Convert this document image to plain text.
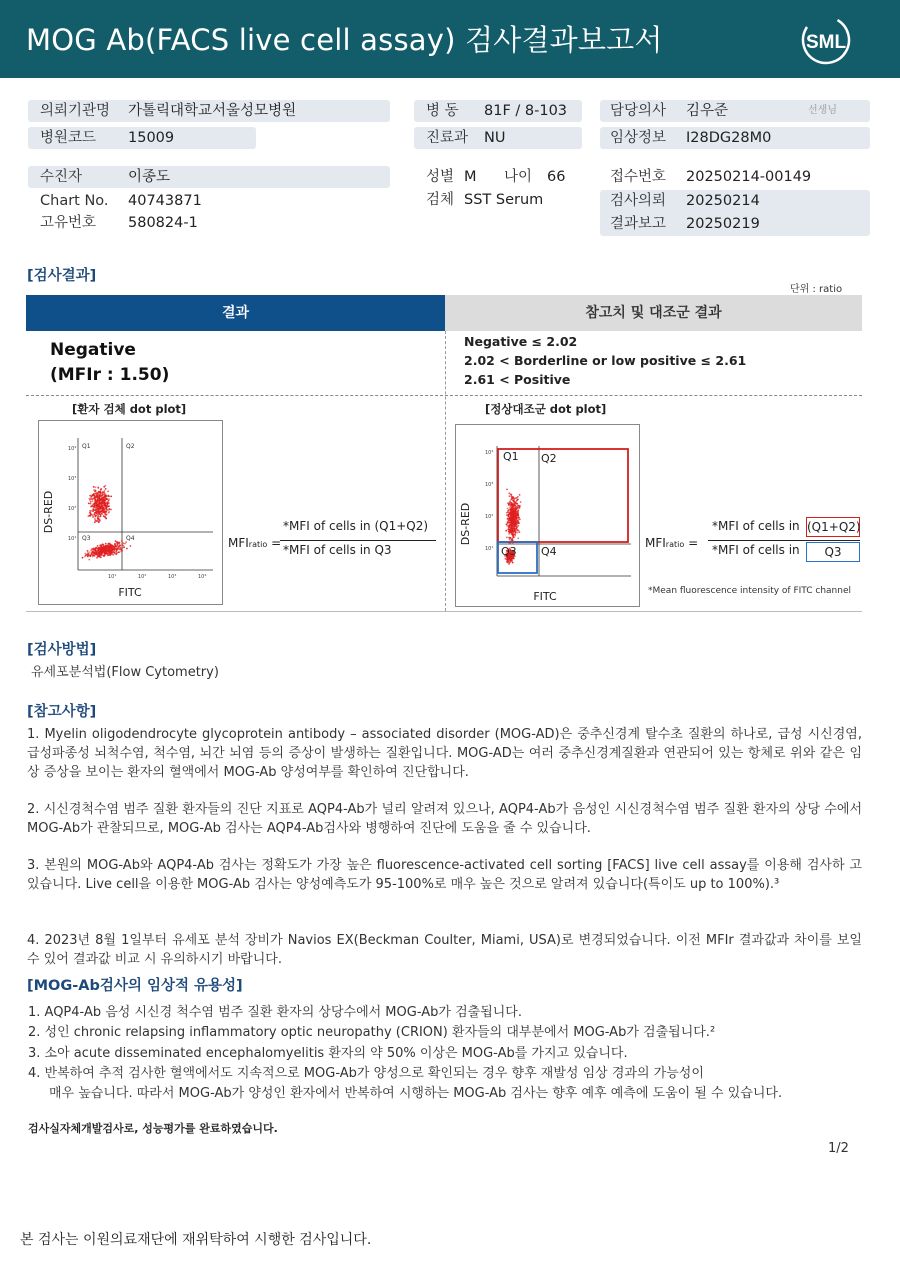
MOG Ab(FACS live cell assay) 검사결과보고서	SML
의뢰기관명 가톨릭대학교서울성모병원
병원코드 15009
병 동 81F / 8-103
진료과 NU
담당의사 김우준	선생님
임상정보 I28DG28M0
수진자	이종도
Chart No. 40743871
고유번호 580824-1
성별 M 나이 66
검체 SST Serum
접수번호 20250214-00149
검사의뢰 20250214
결과보고 20250219
[검사결과]
단위 : ratio
결과	참고치 및 대조군 결과
Negative
(MFIr : 1.50)
Negative ≤ 2.02
2.02 < Borderline or low positive ≤ 2.61
2.61 < Positive
[환자 검체 dot plot]	[정상대조군 dot plot]
10⁴
10³
10²
10¹
10¹	10²	10³	10⁴
Q1	Q2
Q3	Q4
FITC
DS-RED
MFIratio =
*MFI of cells in (Q1+Q2)
*MFI of cells in Q3
10⁴
10³
10²
10¹
Q1 Q2
Q3 Q4
FITC
DS-RED	MFIratio =
*MFI of cells in (Q1+Q2)
*MFI of cells in	Q3
*Mean fluorescence intensity of FITC channel
[검사방법]
유세포분석법(Flow Cytometry)
[참고사항]
1. Myelin oligodendrocyte glycoprotein antibody – associated disorder (MOG-AD)은 중추신경계 탈수초 질환의 하나로, 급성 시신경염, 급성파종성 뇌척수염, 척수염, 뇌간 뇌염 등의 증상이 발생하는 질환입니다. MOG-AD는 여러 중추신경계질환과 연관되어 있는 항체로 위와 같은 임상 증상을 보이는 환자의 혈액에서 MOG-Ab 양성여부를 확인하여 진단합니다.
2. 시신경척수염 범주 질환 환자들의 진단 지표로 AQP4-Ab가 널리 알려져 있으나, AQP4-Ab가 음성인 시신경척수염 범주 질환 환자의 상당 수에서 MOG-Ab가 관찰되므로, MOG-Ab 검사는 AQP4-Ab검사와 병행하여 진단에 도움을 줄 수 있습니다.
3. 본원의 MOG-Ab와 AQP4-Ab 검사는 정확도가 가장 높은 fluorescence-activated cell sorting [FACS] live cell assay를 이용해 검사하 고 있습니다. Live cell을 이용한 MOG-Ab 검사는 양성예측도가 95-100%로 매우 높은 것으로 알려져 있습니다(특이도 up to 100%).³
4. 2023년 8월 1일부터 유세포 분석 장비가 Navios EX(Beckman Coulter, Miami, USA)로 변경되었습니다. 이전 MFIr 결과값과 차이를 보일 수 있어 결과값 비교 시 유의하시기 바랍니다.
[MOG-Ab검사의 임상적 유용성]
1. AQP4-Ab 음성 시신경 척수염 범주 질환 환자의 상당수에서 MOG-Ab가 검출됩니다.
2. 성인 chronic relapsing inflammatory optic neuropathy (CRION) 환자들의 대부분에서 MOG-Ab가 검출됩니다.²
3. 소아 acute disseminated encephalomyelitis 환자의 약 50% 이상은 MOG-Ab를 가지고 있습니다.
4. 반복하여 추적 검사한 혈액에서도 지속적으로 MOG-Ab가 양성으로 확인되는 경우 향후 재발성 임상 경과의 가능성이
매우 높습니다. 따라서 MOG-Ab가 양성인 환자에서 반복하여 시행하는 MOG-Ab 검사는 향후 예후 예측에 도움이 될 수 있습니다.
검사실자체개발검사로, 성능평가를 완료하였습니다.
1/2
본 검사는 이원의료재단에 재위탁하여 시행한 검사입니다.
